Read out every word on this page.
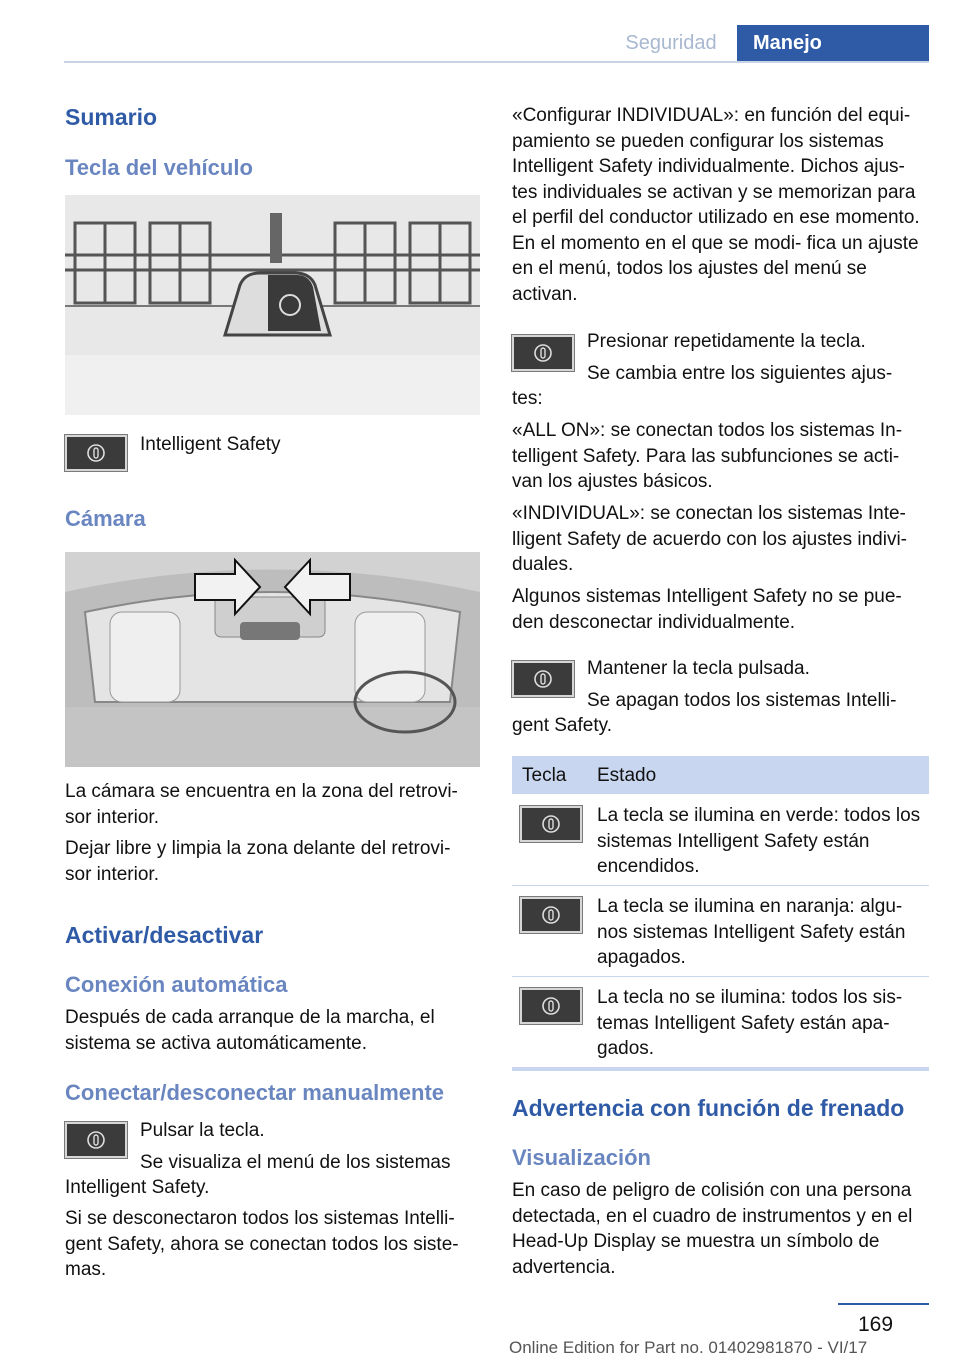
Seguridad	Manejo
Sumario
Tecla del vehículo
Intelligent Safety
Cámara
La cámara se encuentra en la zona del retrovi‐ sor interior.
Dejar libre y limpia la zona delante del retrovi‐ sor interior.
Activar/desactivar
Conexión automática
Después de cada arranque de la marcha, el sistema se activa automáticamente.
Conectar/desconectar manualmente
Pulsar la tecla.
Se visualiza el menú de los sistemas
Intelligent Safety.
Si se desconectaron todos los sistemas Intelli‐ gent Safety, ahora se conectan todos los siste‐ mas.
«Configurar INDIVIDUAL»: en función del equi‐ pamiento se pueden configurar los sistemas Intelligent Safety individualmente. Dichos ajus‐ tes individuales se activan y se memorizan para el perfil del conductor utilizado en ese momento. En el momento en el que se modi‐ fica un ajuste en el menú, todos los ajustes del menú se activan.
Presionar repetidamente la tecla.
Se cambia entre los siguientes ajus‐
tes:
«ALL ON»: se conectan todos los sistemas In‐ telligent Safety. Para las subfunciones se acti‐ van los ajustes básicos.
«INDIVIDUAL»: se conectan los sistemas Inte‐ lligent Safety de acuerdo con los ajustes indivi‐ duales.
Algunos sistemas Intelligent Safety no se pue‐ den desconectar individualmente.
Mantener la tecla pulsada.
Se apagan todos los sistemas Intelli‐
gent Safety.
Tecla Estado
La tecla se ilumina en verde: todos los sistemas Intelligent Safety están encendidos.
La tecla se ilumina en naranja: algu‐ nos sistemas Intelligent Safety están apagados.
La tecla no se ilumina: todos los sis‐ temas Intelligent Safety están apa‐ gados.
Advertencia con función de frenado
Visualización
En caso de peligro de colisión con una persona detectada, en el cuadro de instrumentos y en el Head-Up Display se muestra un símbolo de advertencia.
169
Online Edition for Part no. 01402981870 - VI/17
